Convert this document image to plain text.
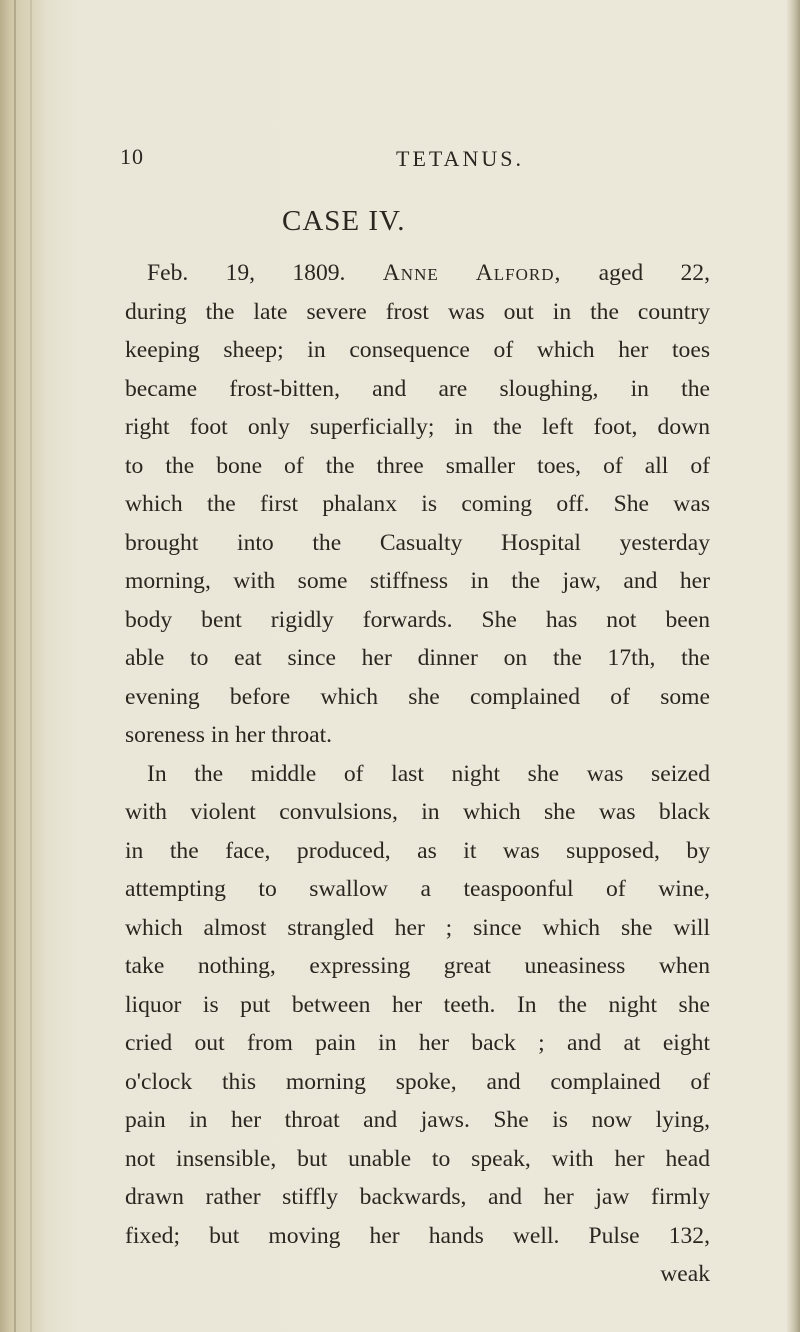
10	TETANUS.
CASE IV.
Feb. 19, 1809. Anne Alford, aged 22,
during the late severe frost was out in the country
keeping sheep; in consequence of which her toes
became frost-bitten, and are sloughing, in the
right foot only superficially; in the left foot, down
to the bone of the three smaller toes, of all of
which the first phalanx is coming off. She was
brought into the Casualty Hospital yesterday
morning, with some stiffness in the jaw, and her
body bent rigidly forwards. She has not been
able to eat since her dinner on the 17th, the
evening before which she complained of some
soreness in her throat.
In the middle of last night she was seized
with violent convulsions, in which she was black
in the face, produced, as it was supposed, by
attempting to swallow a teaspoonful of wine,
which almost strangled her ; since which she will
take nothing, expressing great uneasiness when
liquor is put between her teeth. In the night she
cried out from pain in her back ; and at eight
o'clock this morning spoke, and complained of
pain in her throat and jaws. She is now lying,
not insensible, but unable to speak, with her head
drawn rather stiffly backwards, and her jaw firmly
fixed; but moving her hands well. Pulse 132,
weak
